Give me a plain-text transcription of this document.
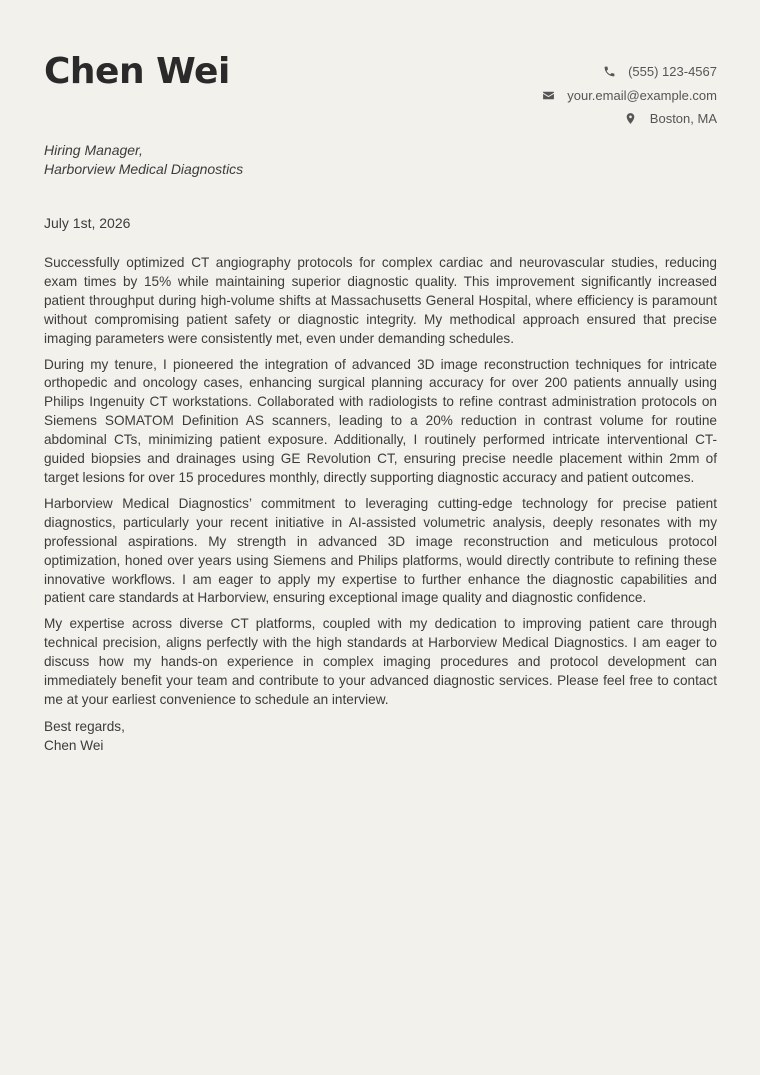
Chen Wei	(555) 123-4567
your.email@example.com
Boston, MA
Hiring Manager,
Harborview Medical Diagnostics
July 1st, 2026

Successfully optimized CT angiography protocols for complex cardiac and neurovascular studies, reducing exam times by 15% while maintaining superior diagnostic quality. This improvement significantly increased patient throughput during high-volume shifts at Massachusetts General Hospital, where efficiency is paramount without compromising patient safety or diagnostic integrity. My methodical approach ensured that precise imaging parameters were consistently met, even under demanding schedules.

During my tenure, I pioneered the integration of advanced 3D image reconstruction techniques for intricate orthopedic and oncology cases, enhancing surgical planning accuracy for over 200 patients annually using Philips Ingenuity CT workstations. Collaborated with radiologists to refine contrast administration protocols on Siemens SOMATOM Definition AS scanners, leading to a 20% reduction in contrast volume for routine abdominal CTs, minimizing patient exposure. Additionally, I routinely performed intricate interventional CT-guided biopsies and drainages using GE Revolution CT, ensuring precise needle placement within 2mm of target lesions for over 15 procedures monthly, directly supporting diagnostic accuracy and patient outcomes.

Harborview Medical Diagnostics’ commitment to leveraging cutting-edge technology for precise patient diagnostics, particularly your recent initiative in AI-assisted volumetric analysis, deeply resonates with my professional aspirations. My strength in advanced 3D image reconstruction and meticulous protocol optimization, honed over years using Siemens and Philips platforms, would directly contribute to refining these innovative workflows. I am eager to apply my expertise to further enhance the diagnostic capabilities and patient care standards at Harborview, ensuring exceptional image quality and diagnostic confidence.

My expertise across diverse CT platforms, coupled with my dedication to improving patient care through technical precision, aligns perfectly with the high standards at Harborview Medical Diagnostics. I am eager to discuss how my hands-on experience in complex imaging procedures and protocol development can immediately benefit your team and contribute to your advanced diagnostic services. Please feel free to contact me at your earliest convenience to schedule an interview.

Best regards,
Chen Wei
